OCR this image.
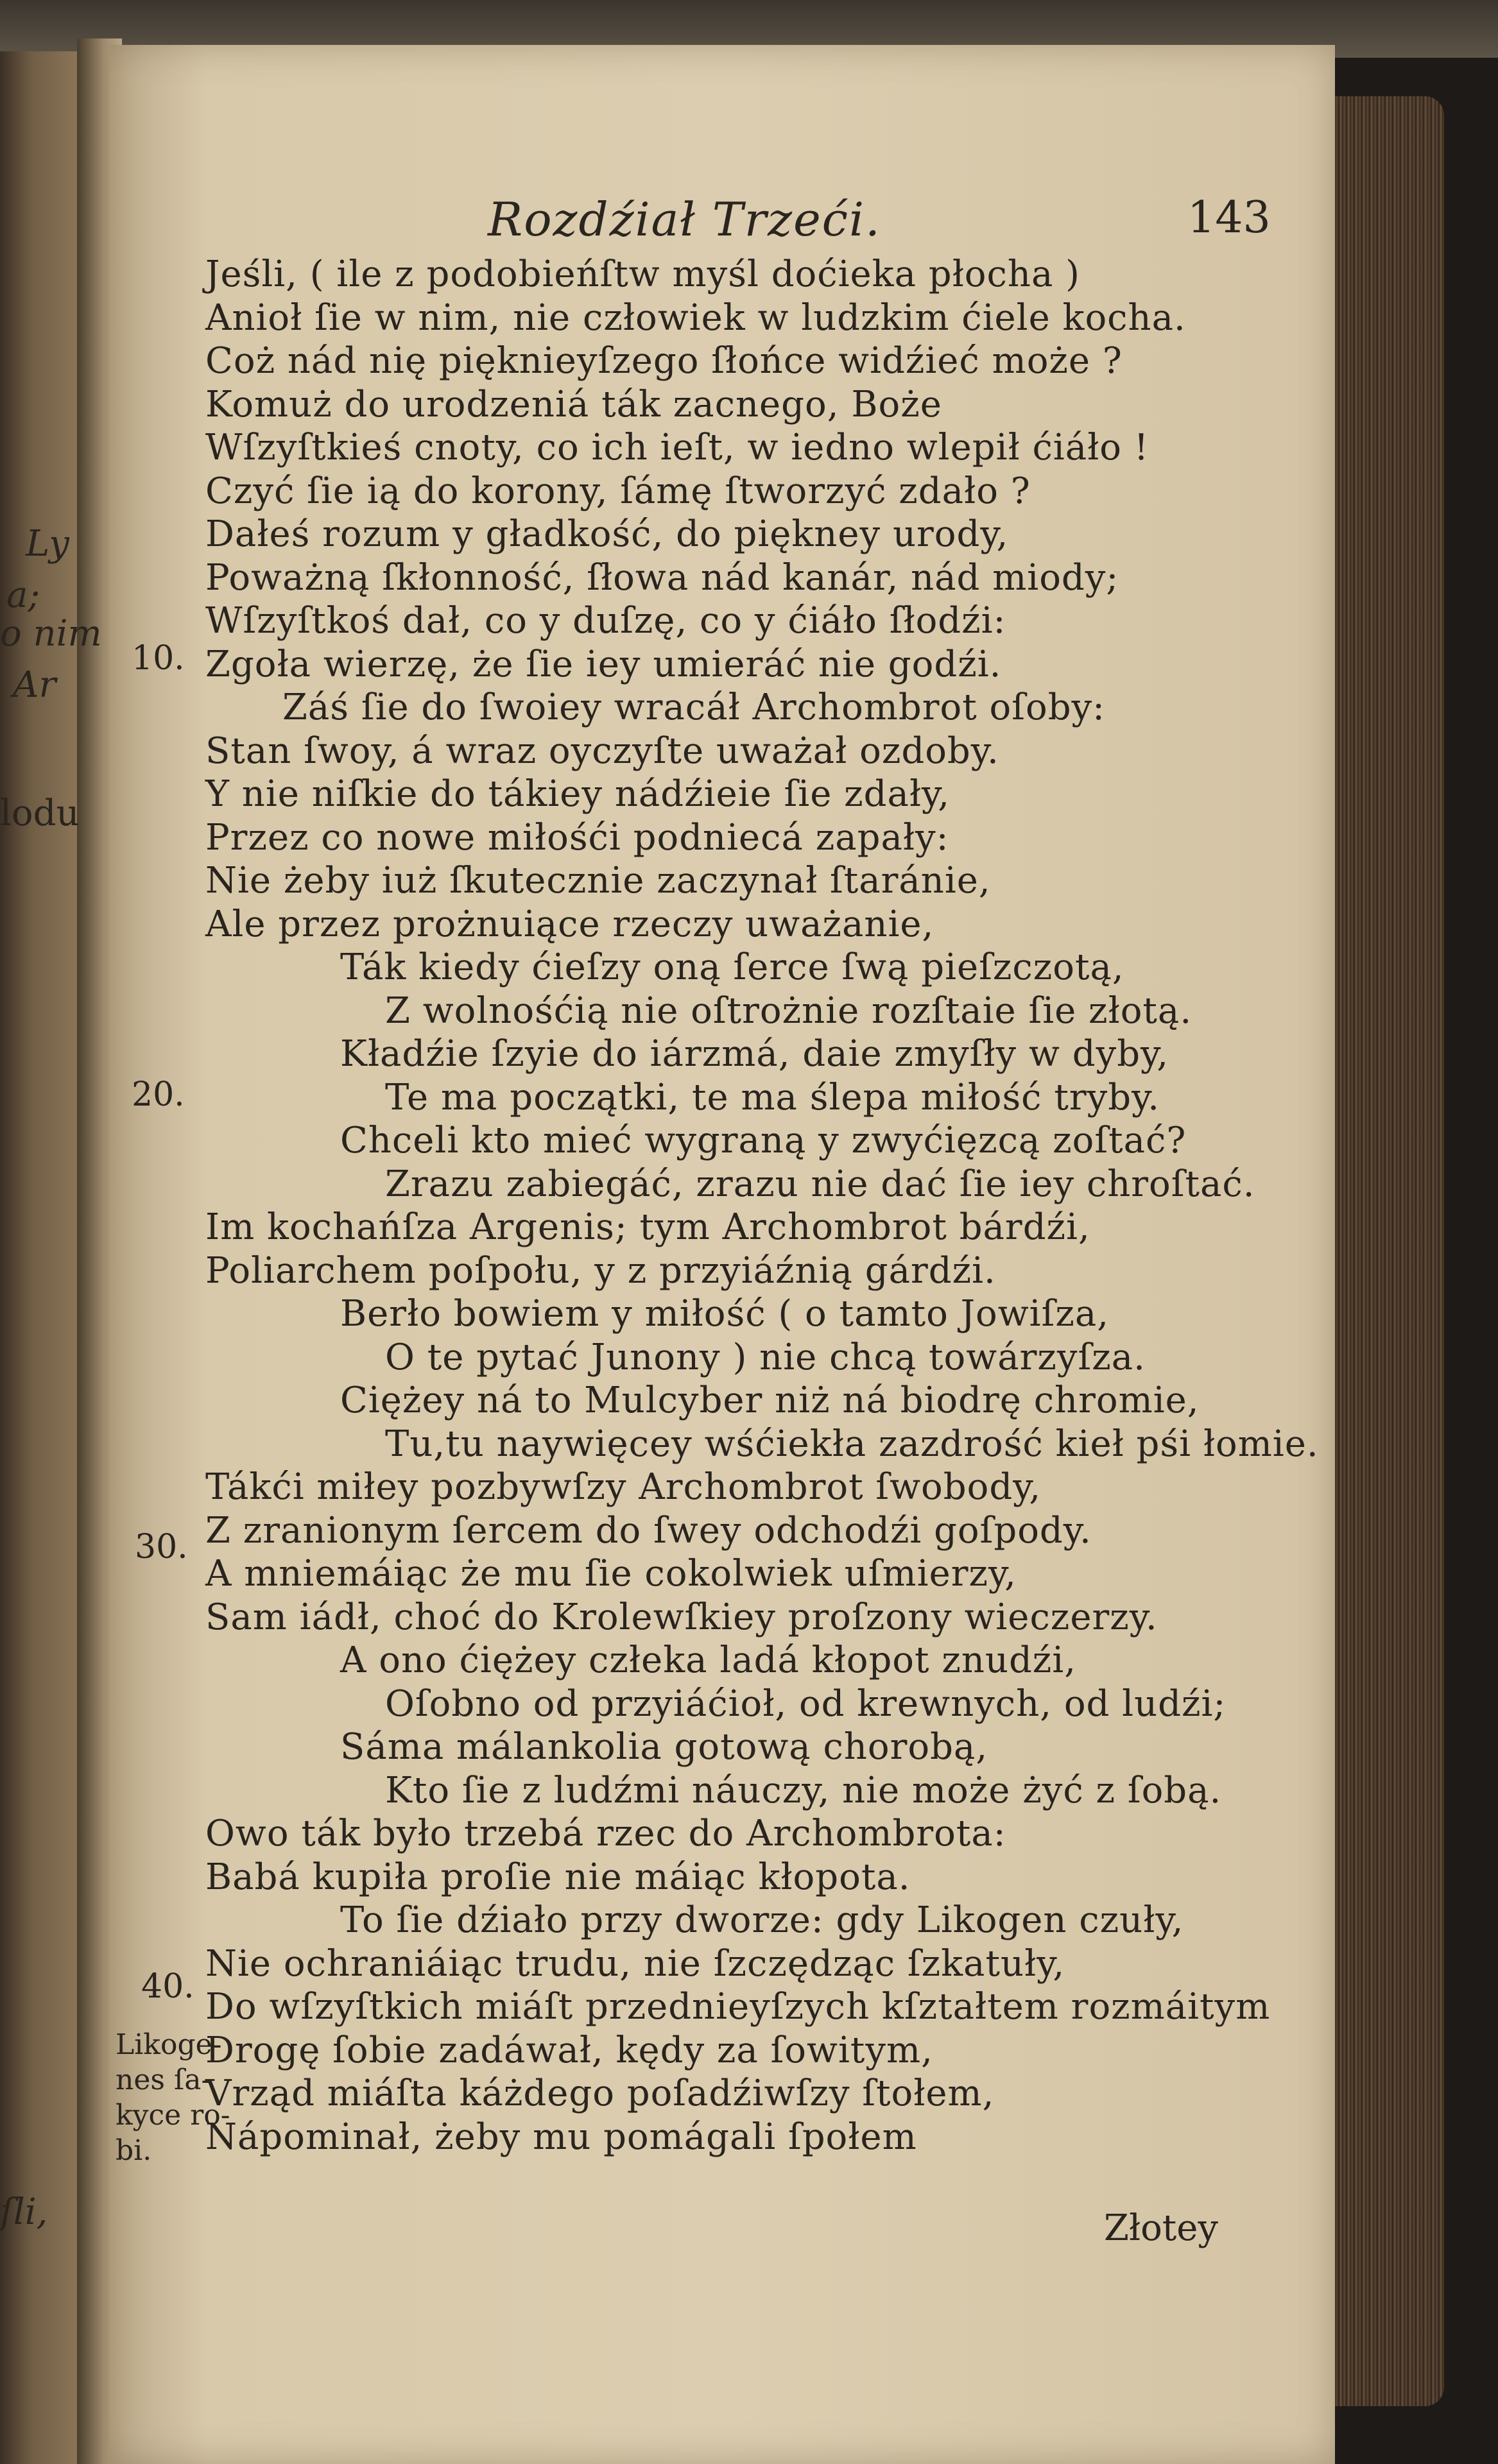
Ly
a;
o nim
Ar
lodu
ſli,
Rozdźiał Trzeći.	143
Jeśli, ( ile z podobieńſtw myśl doćieka płocha )
Anioł ſie w nim, nie człowiek w ludzkim ćiele kocha.
Coż nád nię pięknieyſzego ſłońce widźieć może ?
Komuż do urodzeniá ták zacnego, Boże
Wſzyſtkieś cnoty, co ich ieſt, w iedno wlepił ćiáło !
Czyć ſie ią do korony, ſámę ſtworzyć zdało ?
Dałeś rozum y gładkość, do piękney urody,
Poważną ſkłonność, ſłowa nád kanár, nád miody;
Wſzyſtkoś dał, co y duſzę, co y ćiáło ſłodźi:
Zgoła wierzę, że ſie iey umieráć nie godźi.
Záś ſie do ſwoiey wracáł Archombrot oſoby:
Stan ſwoy, á wraz oyczyſte uważał ozdoby.
Y nie niſkie do tákiey nádźieie ſie zdały,
Przez co nowe miłośći podniecá zapały:
Nie żeby iuż ſkutecznie zaczynał ſtaránie,
Ale przez prożnuiące rzeczy uważanie,
Ták kiedy ćieſzy oną ſerce ſwą pieſzczotą,
Z wolnośćią nie oſtrożnie rozſtaie ſie złotą.
Kładźie ſzyie do iárzmá, daie zmyſły w dyby,
Te ma początki, te ma ślepa miłość tryby.
Chceli kto mieć wygraną y zwyćięzcą zoſtać?
Zrazu zabiegáć, zrazu nie dać ſie iey chroſtać.
Im kochańſza Argenis; tym Archombrot bárdźi,
Poliarchem poſpołu, y z przyiáźnią gárdźi.
Berło bowiem y miłość ( o tamto Jowiſza,
O te pytać Junony ) nie chcą towárzyſza.
Ciężey ná to Mulcyber niż ná biodrę chromie,
Tu,tu naywięcey wśćiekła zazdrość kieł pśi łomie.
Tákći miłey pozbywſzy Archombrot ſwobody,
Z zranionym ſercem do ſwey odchodźi goſpody.
A mniemáiąc że mu ſie cokolwiek uſmierzy,
Sam iádł, choć do Krolewſkiey proſzony wieczerzy.
A ono ćiężey człeka ladá kłopot znudźi,
Oſobno od przyiáćioł, od krewnych, od ludźi;
Sáma málankolia gotową chorobą,
Kto ſie z ludźmi náuczy, nie może żyć z ſobą.
Owo ták było trzebá rzec do Archombrota:
Babá kupiła proſie nie máiąc kłopota.
To ſie dźiało przy dworze: gdy Likogen czuły,
Nie ochraniáiąc trudu, nie ſzczędząc ſzkatuły,
Do wſzyſtkich miáſt przednieyſzych kſztałtem rozmáitym
Drogę ſobie zadáwał, kędy za ſowitym,
Vrząd miáſta káżdego poſadźiwſzy ſtołem,
Nápominał, żeby mu pomágali ſpołem
10.
20.
30.
40.
Likoge-
nes ſa-
kyce ro-
bi.
Złotey
